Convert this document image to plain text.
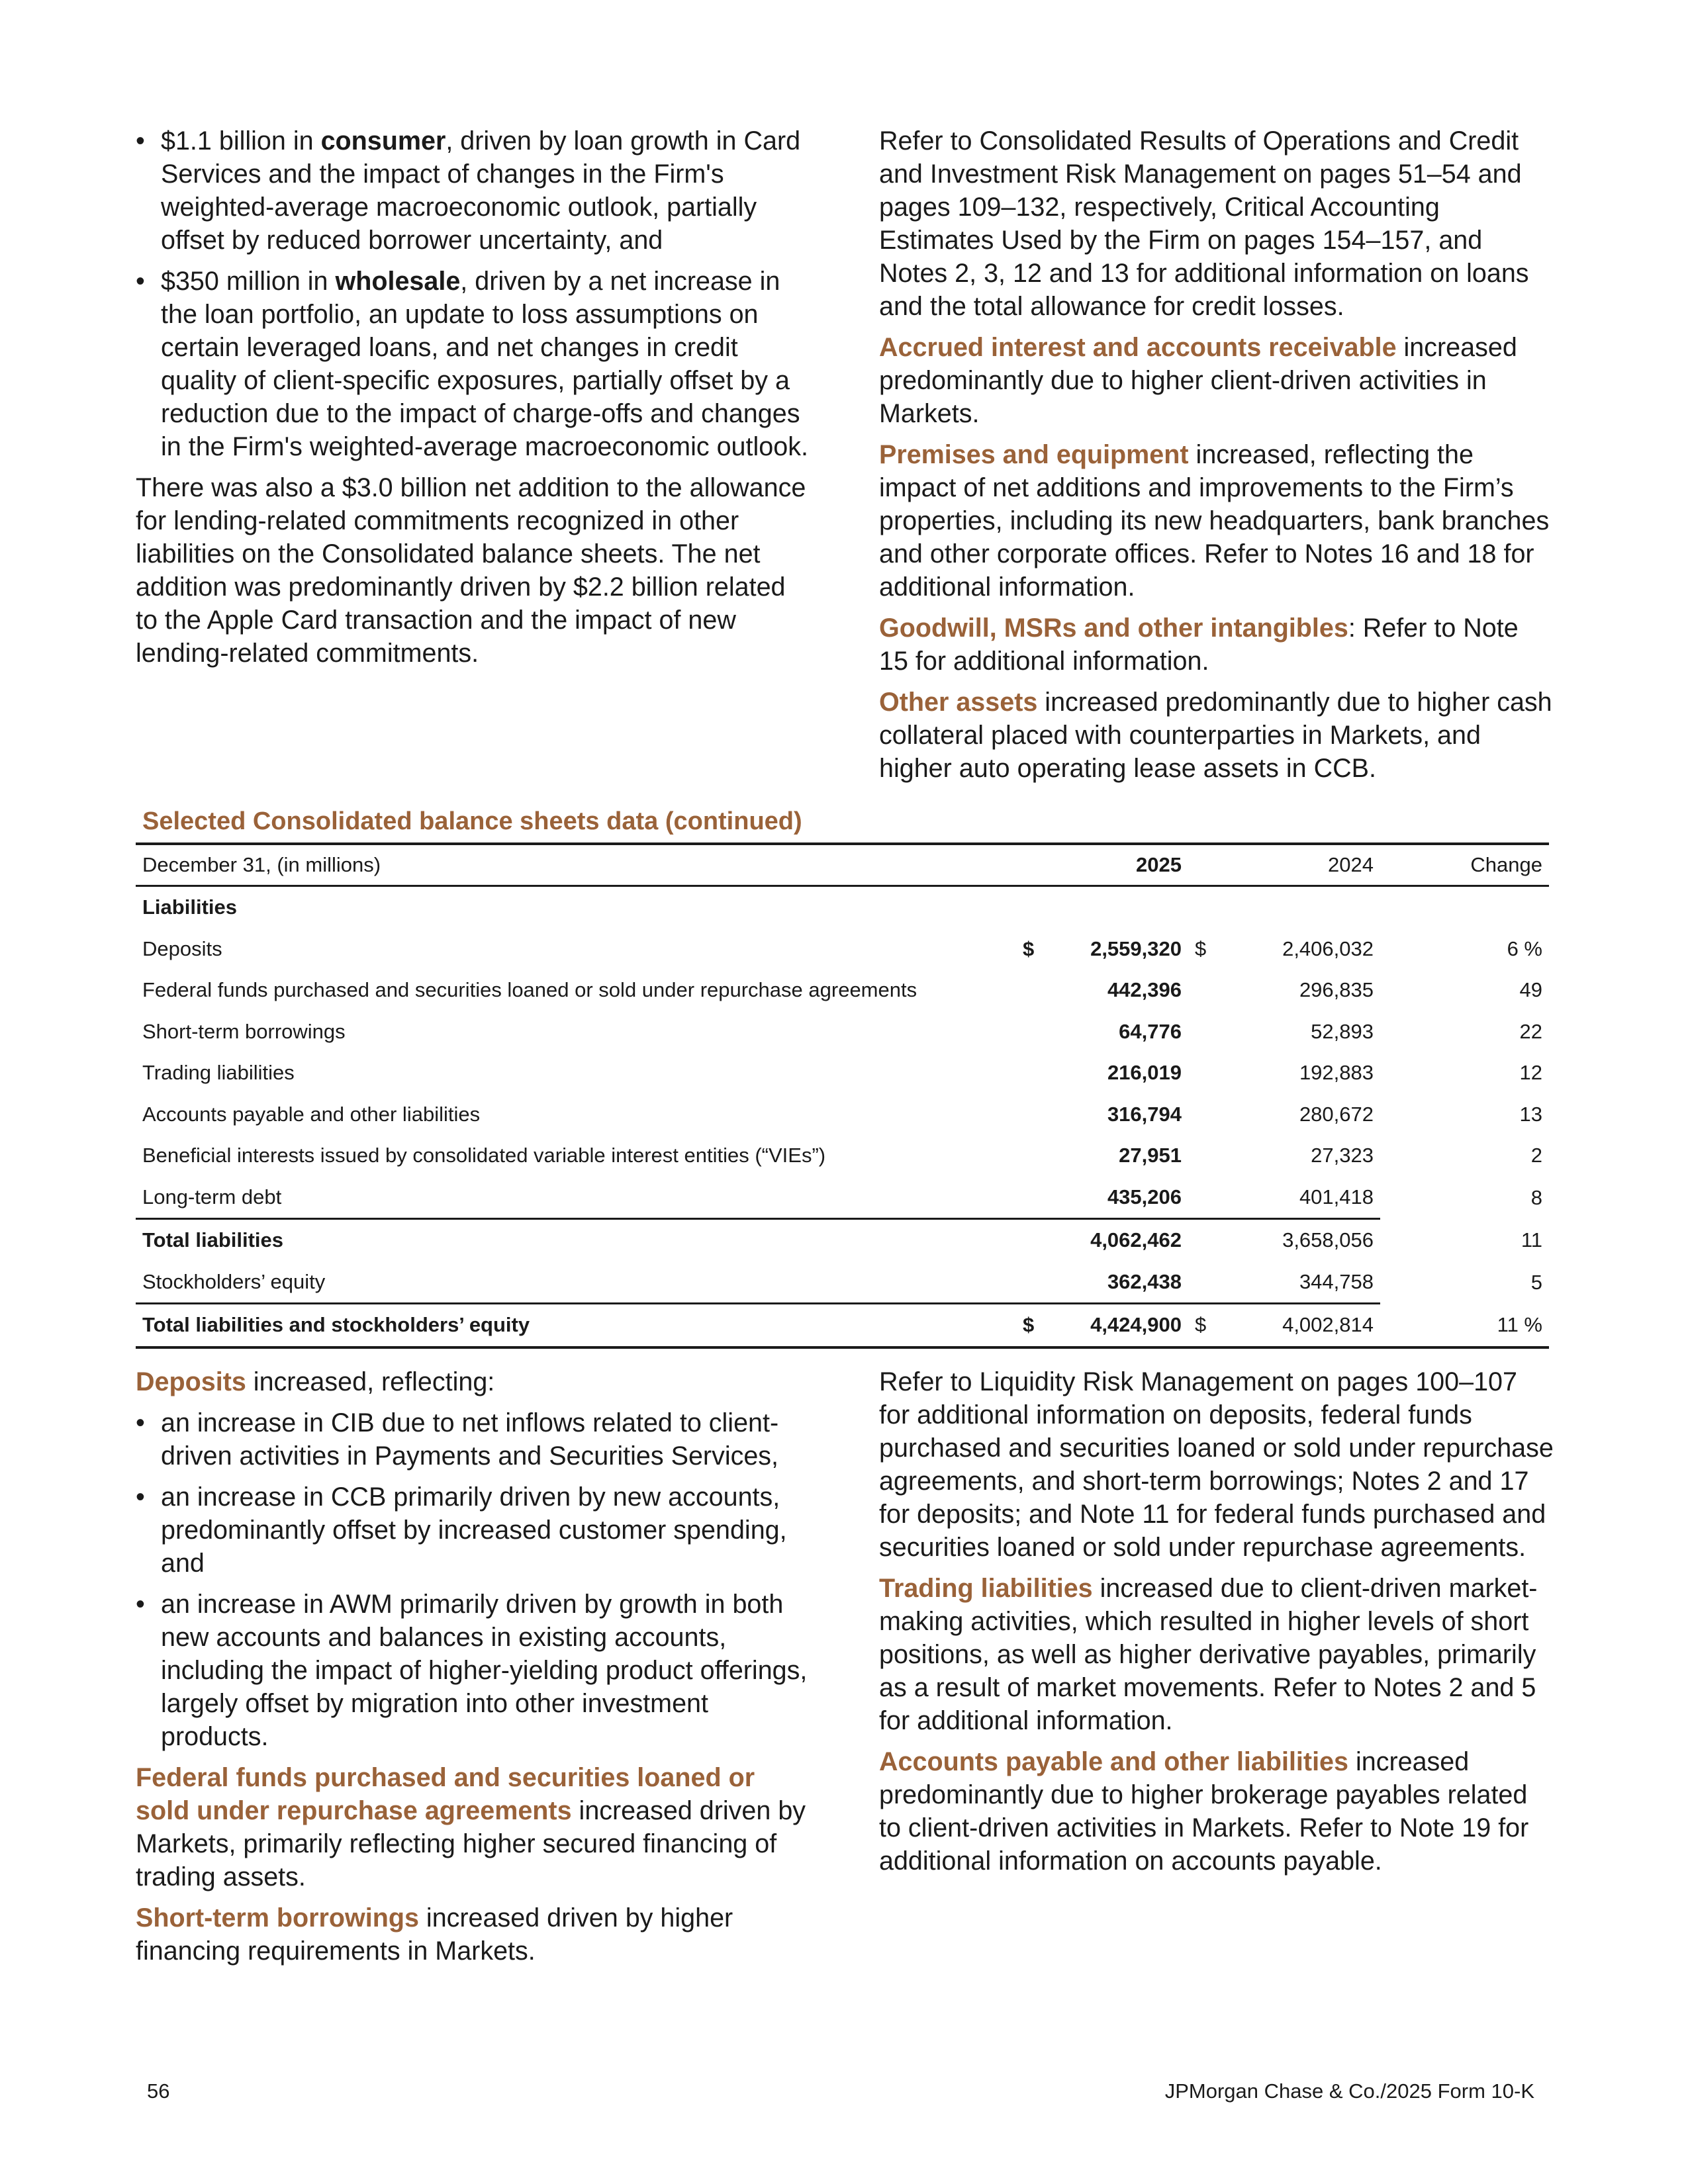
• $1.1 billion in consumer, driven by loan growth in Card Services and the impact of changes in the Firm's weighted-average macroeconomic outlook, partially offset by reduced borrower uncertainty, and
• $350 million in wholesale, driven by a net increase in the loan portfolio, an update to loss assumptions on certain leveraged loans, and net changes in credit quality of client-specific exposures, partially offset by a reduction due to the impact of charge-offs and changes in the Firm's weighted-average macroeconomic outlook.

There was also a $3.0 billion net addition to the allowance for lending-related commitments recognized in other liabilities on the Consolidated balance sheets. The net addition was predominantly driven by $2.2 billion related to the Apple Card transaction and the impact of new lending-related commitments.

Refer to Consolidated Results of Operations and Credit and Investment Risk Management on pages 51–54 and pages 109–132, respectively, Critical Accounting Estimates Used by the Firm on pages 154–157, and Notes 2, 3, 12 and 13 for additional information on loans and the total allowance for credit losses.

Accrued interest and accounts receivable increased predominantly due to higher client-driven activities in Markets.

Premises and equipment increased, reflecting the impact of net additions and improvements to the Firm’s properties, including its new headquarters, bank branches and other corporate offices. Refer to Notes 16 and 18 for additional information.

Goodwill, MSRs and other intangibles: Refer to Note 15 for additional information.

Other assets increased predominantly due to higher cash collateral placed with counterparties in Markets, and higher auto operating lease assets in CCB.

Selected Consolidated balance sheets data (continued)
December 31, (in millions)	2025		2024		Change
Liabilities					
Deposits	$	2,559,320	$	2,406,032	6 %
Federal funds purchased and securities loaned or sold under repurchase agreements		442,396		296,835	49
Short-term borrowings		64,776		52,893	22
Trading liabilities		216,019		192,883	12
Accounts payable and other liabilities		316,794		280,672	13
Beneficial interests issued by consolidated variable interest entities (“VIEs”)		27,951		27,323	2
Long-term debt		435,206		401,418	8
Total liabilities		4,062,462		3,658,056	11
Stockholders’ equity		362,438		344,758	5
Total liabilities and stockholders’ equity	$	4,424,900	$	4,002,814	11 %

Deposits increased, reflecting:

• an increase in CIB due to net inflows related to client-driven activities in Payments and Securities Services,
• an increase in CCB primarily driven by new accounts, predominantly offset by increased customer spending, and
• an increase in AWM primarily driven by growth in both new accounts and balances in existing accounts, including the impact of higher-yielding product offerings, largely offset by migration into other investment products.

Federal funds purchased and securities loaned or sold under repurchase agreements increased driven by Markets, primarily reflecting higher secured financing of trading assets.

Short-term borrowings increased driven by higher financing requirements in Markets.

Refer to Liquidity Risk Management on pages 100–107 for additional information on deposits, federal funds purchased and securities loaned or sold under repurchase agreements, and short-term borrowings; Notes 2 and 17 for deposits; and Note 11 for federal funds purchased and securities loaned or sold under repurchase agreements.

Trading liabilities increased due to client-driven market-making activities, which resulted in higher levels of short positions, as well as higher derivative payables, primarily as a result of market movements. Refer to Notes 2 and 5 for additional information.

Accounts payable and other liabilities increased predominantly due to higher brokerage payables related to client-driven activities in Markets. Refer to Note 19 for additional information on accounts payable.

56	JPMorgan Chase & Co./2025 Form 10-K
